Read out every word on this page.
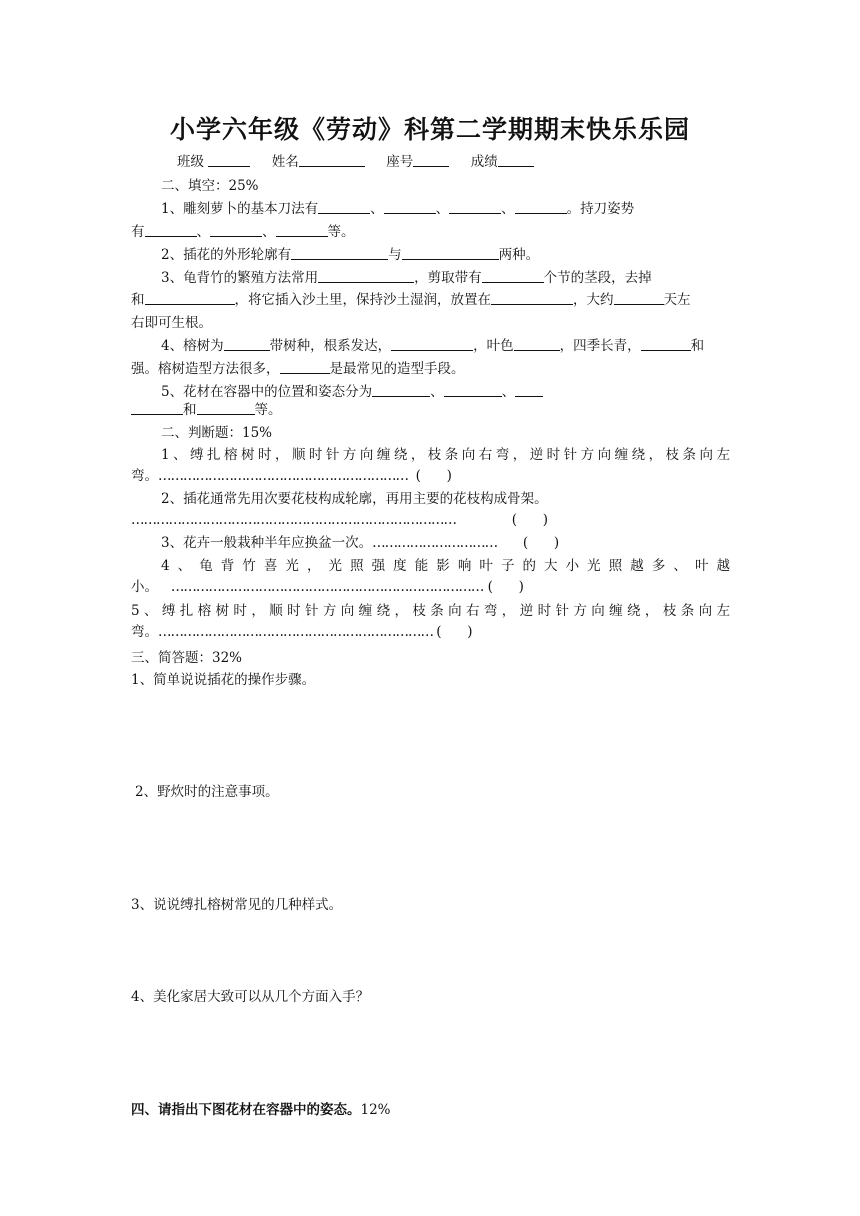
小学六年级《劳动》科第二学期期末快乐乐园
班级	姓名	座号	成绩
二、填空：25%
1、雕刻萝卜的基本刀法有	、	、	、	。持刀姿势
有	、	、	等。
2、插花的外形轮廓有	与	两种。
3、龟背竹的繁殖方法常用	，剪取带有	个节的茎段，去掉
和	，将它插入沙土里，保持沙土湿润，放置在	，大约	天左
右即可生根。
4、榕树为	带树种，根系发达，	，叶色	，四季长青，	和
强。榕树造型方法很多，	是最常见的造型手段。
5、花材在容器中的位置和姿态分为	、	、
和	等。
二、判断题：15%
1、缚扎榕树时，顺时针方向缠绕，枝条向右弯，逆时针方向缠绕，枝条向左
弯。……………………………………………………  (      )
2、插花通常先用次要花枝构成轮廓，再用主要的花枝构成骨架。
……………………………………………………………………	(      )
3、花卉一般栽种半年应换盆一次。………………………… (      )
4、龟背竹喜光，光照强度能影响叶子的大小光照越多、叶越
小。 ………………………………………………………………… (      )
5、缚扎榕树时，顺时针方向缠绕，枝条向右弯，逆时针方向缠绕，枝条向左
弯。………………………………………………………… (      )
三、简答题：32%
1、简单说说插花的操作步骤。
2、野炊时的注意事项。
3、说说缚扎榕树常见的几种样式。
4、美化家居大致可以从几个方面入手？
四、请指出下图花材在容器中的姿态。12%
